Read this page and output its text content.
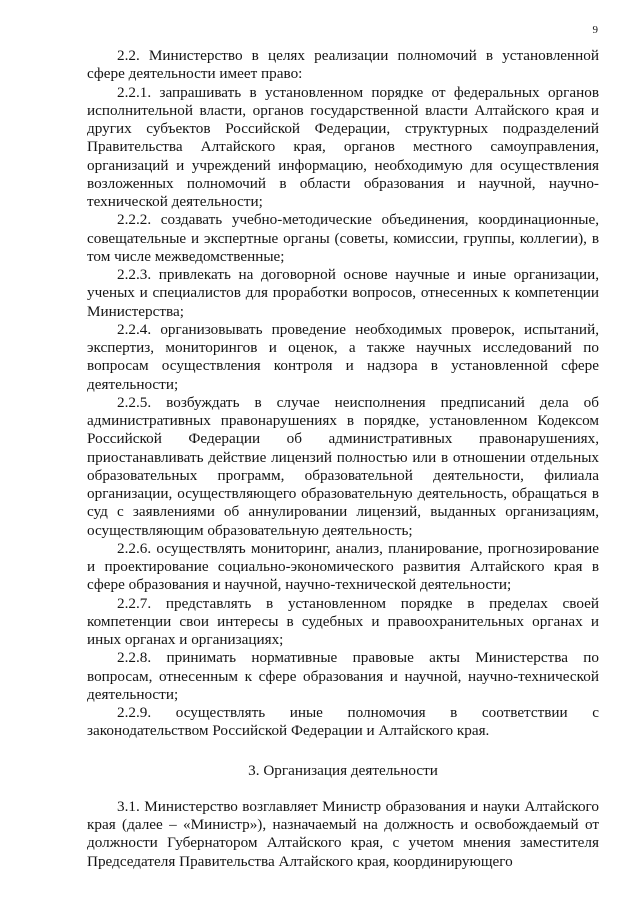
9

2.2. Министерство в целях реализации полномочий в установленной сфере деятельности имеет право:

2.2.1. запрашивать в установленном порядке от федеральных органов исполнительной власти, органов государственной власти Алтайского края и других субъектов Российской Федерации, структурных подразделений Правительства Алтайского края, органов местного самоуправления, организаций и учреждений информацию, необходимую для осуществления возложенных полномочий в области образования и научной, научно-технической деятельности;

2.2.2. создавать учебно-методические объединения, координационные, совещательные и экспертные органы (советы, комиссии, группы, коллегии), в том числе межведомственные;

2.2.3. привлекать на договорной основе научные и иные организации, ученых и специалистов для проработки вопросов, отнесенных к компетенции Министерства;

2.2.4. организовывать проведение необходимых проверок, испытаний, экспертиз, мониторингов и оценок, а также научных исследований по вопросам осуществления контроля и надзора в установленной сфере деятельности;

2.2.5. возбуждать в случае неисполнения предписаний дела об административных правонарушениях в порядке, установленном Кодексом Российской Федерации об административных правонарушениях, приостанавливать действие лицензий полностью или в отношении отдельных образовательных программ, образовательной деятельности, филиала организации, осуществляющего образовательную деятельность, обращаться в суд с заявлениями об аннулировании лицензий, выданных организациям, осуществляющим образовательную деятельность;

2.2.6. осуществлять мониторинг, анализ, планирование, прогнозирование и проектирование социально-экономического развития Алтайского края в сфере образования и научной, научно-технической деятельности;

2.2.7. представлять в установленном порядке в пределах своей компетенции свои интересы в судебных и правоохранительных органах и иных органах и организациях;

2.2.8. принимать нормативные правовые акты Министерства по вопросам, отнесенным к сфере образования и научной, научно-технической деятельности;

2.2.9. осуществлять иные полномочия в соответствии с законодательством Российской Федерации и Алтайского края.

3. Организация деятельности

3.1. Министерство возглавляет Министр образования и науки Алтайского края (далее – «Министр»), назначаемый на должность и освобождаемый от должности Губернатором Алтайского края, с учетом мнения заместителя Председателя Правительства Алтайского края, координирующего
